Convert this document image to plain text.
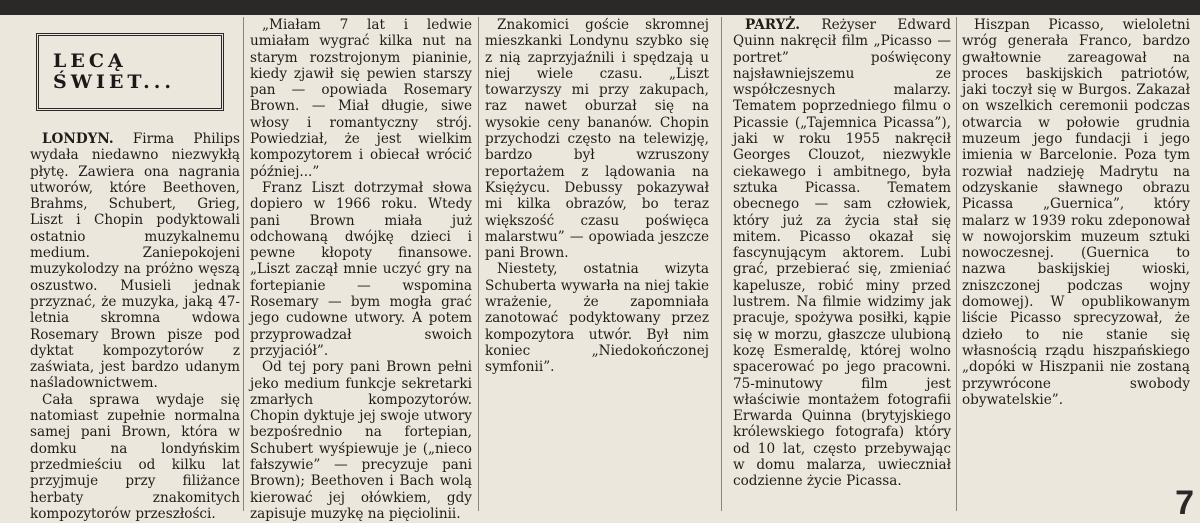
LECĄ
ŚWIET...

LONDYN. Firma Philips wydała niedawno niezwykłą płytę. Zawiera ona nagrania utworów, które Beethoven, Brahms, Schubert, Grieg, Liszt i Chopin podyktowali ostatnio muzykalnemu medium. Zaniepokojeni muzykolodzy na próżno węszą oszustwo. Musieli jednak przyznać, że muzyka, jaką 47-letnia skromna wdowa Rosemary Brown pisze pod dyktat kompozytorów z zaświata, jest bardzo udanym naśladownictwem.

Cała sprawa wydaje się natomiast zupełnie normalna samej pani Brown, która w domku na londyńskim przedmieściu od kilku lat przyjmuje przy filiżance herbaty znakomitych kompozytorów przeszłości.

„Miałam 7 lat i ledwie umiałam wygrać kilka nut na starym rozstrojonym pianinie, kiedy zjawił się pewien starszy pan — opowiada Rosemary Brown. — Miał długie, siwe włosy i romantyczny strój. Powiedział, że jest wielkim kompozytorem i obiecał wrócić później...”

Franz Liszt dotrzymał słowa dopiero w 1966 roku. Wtedy pani Brown miała już odchowaną dwójkę dzieci i pewne kłopoty finansowe. „Liszt zaczął mnie uczyć gry na fortepianie — wspomina Rosemary — bym mogła grać jego cudowne utwory. A potem przyprowadzał swoich przyjaciół”.

Od tej pory pani Brown pełni jeko medium funkcje sekretarki zmarłych kompozytorów. Chopin dyktuje jej swoje utwory bezpośrednio na fortepian, Schubert wyśpiewuje je („nieco fałszywie” — precyzuje pani Brown); Beethoven i Bach wolą kierować jej ołówkiem, gdy zapisuje muzykę na pięciolinii.

Znakomici goście skromnej mieszkanki Londynu szybko się z nią zaprzyjaźnili i spędzają u niej wiele czasu. „Liszt towarzyszy mi przy zakupach, raz nawet oburzał się na wysokie ceny bananów. Chopin przychodzi często na telewizję, bardzo był wzruszony reportażem z lądowania na Księżycu. Debussy pokazywał mi kilka obrazów, bo teraz większość czasu poświęca malarstwu” — opowiada jeszcze pani Brown.

Niestety, ostatnia wizyta Schuberta wywarła na niej takie wrażenie, że zapomniała zanotować podyktowany przez kompozytora utwór. Był nim koniec „Niedokończonej symfonii”.

PARYŻ. Reżyser Edward Quinn nakręcił film „Picasso — portret” poświęcony najsławniejszemu ze współczesnych malarzy. Tematem poprzedniego filmu o Picassie („Tajemnica Picassa”), jaki w roku 1955 nakręcił Georges Clouzot, niezwykle ciekawego i ambitnego, była sztuka Picassa. Tematem obecnego — sam człowiek, który już za życia stał się mitem. Picasso okazał się fascynującym aktorem. Lubi grać, przebierać się, zmieniać kapelusze, robić miny przed lustrem. Na filmie widzimy jak pracuje, spożywa posiłki, kąpie się w morzu, głaszcze ulubioną kozę Esmeraldę, której wolno spacerować po jego pracowni. 75-minutowy film jest właściwie montażem fotografii Erwarda Quinna (brytyjskiego królewskiego fotografa) który od 10 lat, często przebywając w domu malarza, uwieczniał codzienne życie Picassa.

Hiszpan Picasso, wieloletni wróg generała Franco, bardzo gwałtownie zareagował na proces baskijskich patriotów, jaki toczył się w Burgos. Zakazał on wszelkich ceremonii podczas otwarcia w połowie grudnia muzeum jego fundacji i jego imienia w Barcelonie. Poza tym rozwiał nadzieję Madrytu na odzyskanie sławnego obrazu Picassa „Guernica”, który malarz w 1939 roku zdeponował w nowojorskim muzeum sztuki nowoczesnej. (Guernica to nazwa baskijskiej wioski, zniszczonej podczas wojny domowej). W opublikowanym liście Picasso sprecyzował, że dzieło to nie stanie się własnością rządu hiszpańskiego „dopóki w Hiszpanii nie zostaną przywrócone swobody obywatelskie”.

7
